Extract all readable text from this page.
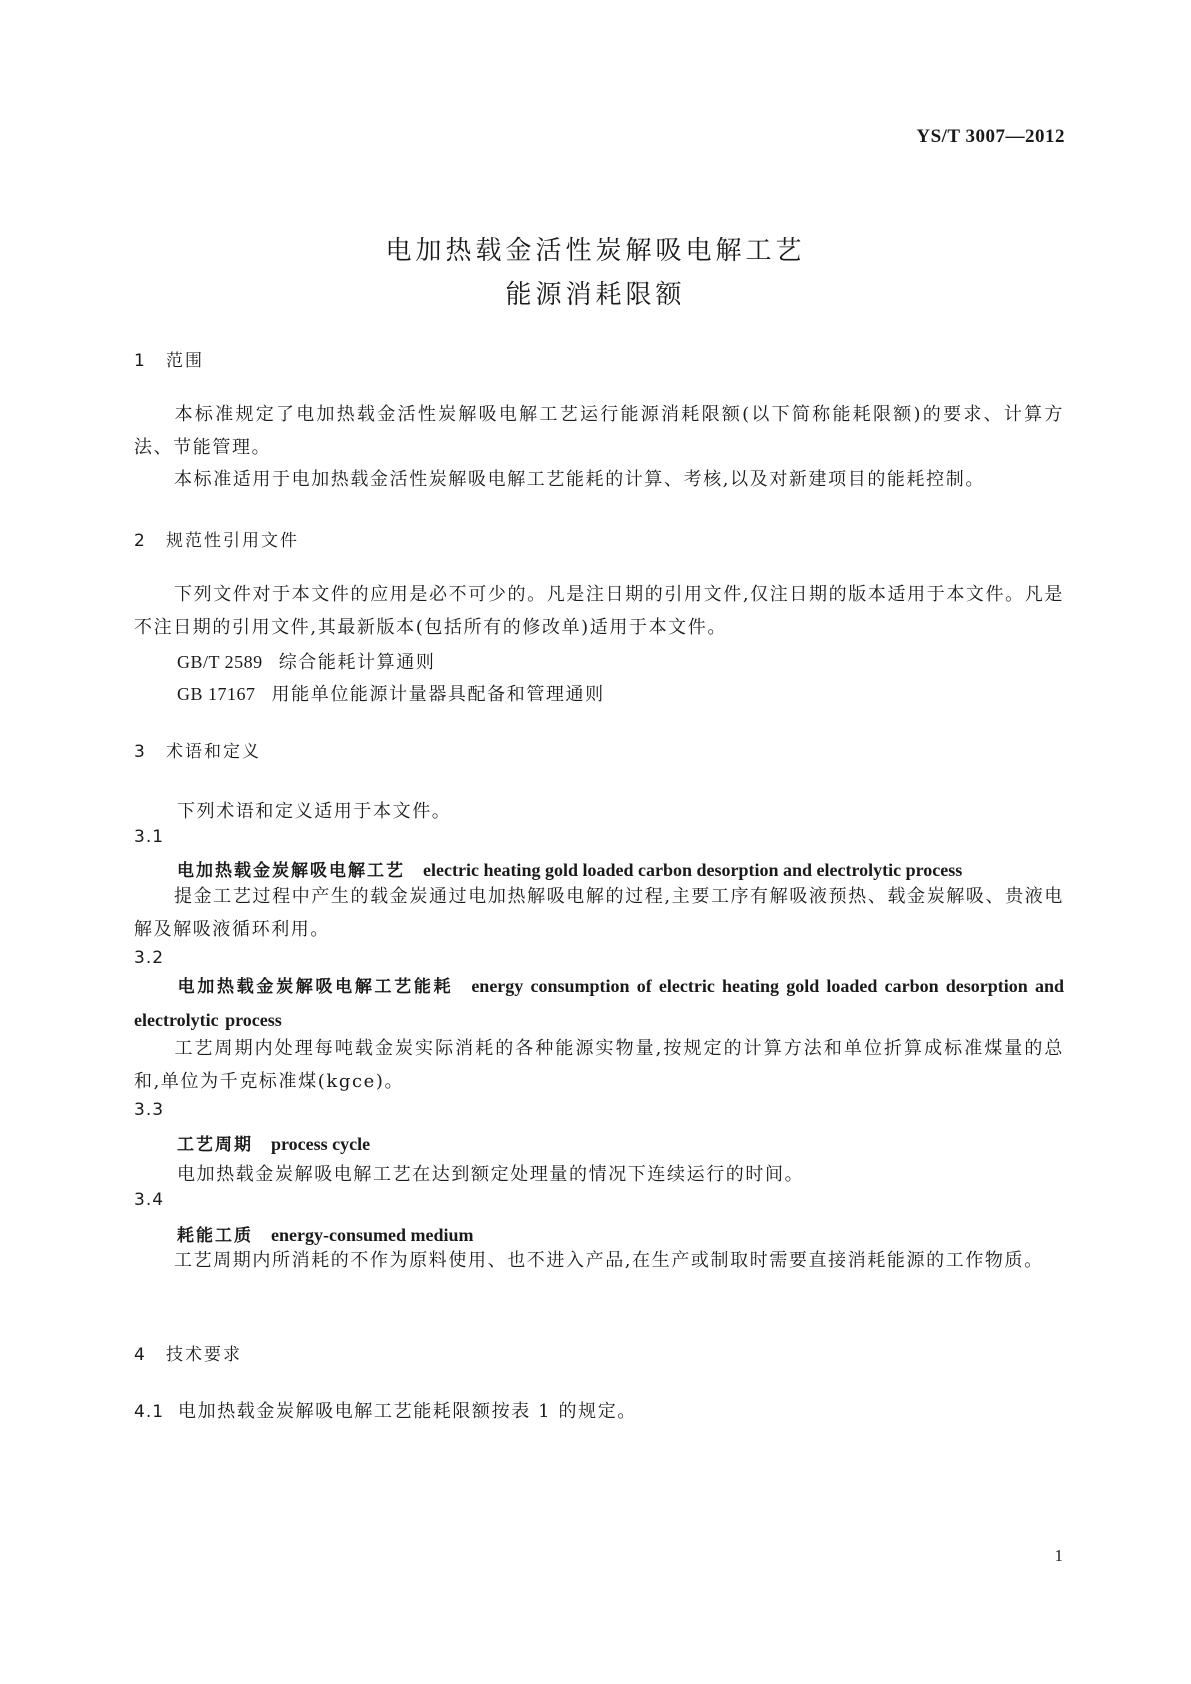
YS/T 3007—2012
电加热载金活性炭解吸电解工艺
能源消耗限额
1 范围
本标准规定了电加热载金活性炭解吸电解工艺运行能源消耗限额(以下简称能耗限额)的要求、计算方法、节能管理。
本标准适用于电加热载金活性炭解吸电解工艺能耗的计算、考核,以及对新建项目的能耗控制。
2 规范性引用文件
下列文件对于本文件的应用是必不可少的。凡是注日期的引用文件,仅注日期的版本适用于本文件。凡是不注日期的引用文件,其最新版本(包括所有的修改单)适用于本文件。
GB/T 2589 综合能耗计算通则
GB 17167 用能单位能源计量器具配备和管理通则
3 术语和定义
下列术语和定义适用于本文件。
3.1
电加热载金炭解吸电解工艺 electric heating gold loaded carbon desorption and electrolytic process
提金工艺过程中产生的载金炭通过电加热解吸电解的过程,主要工序有解吸液预热、载金炭解吸、贵液电解及解吸液循环利用。
3.2
电加热载金炭解吸电解工艺能耗 energy consumption of electric heating gold loaded carbon desorption and electrolytic process
工艺周期内处理每吨载金炭实际消耗的各种能源实物量,按规定的计算方法和单位折算成标准煤量的总和,单位为千克标准煤(kgce)。
3.3
工艺周期 process cycle
电加热载金炭解吸电解工艺在达到额定处理量的情况下连续运行的时间。
3.4
耗能工质 energy-consumed medium
工艺周期内所消耗的不作为原料使用、也不进入产品,在生产或制取时需要直接消耗能源的工作物质。
4 技术要求
4.1 电加热载金炭解吸电解工艺能耗限额按表 1 的规定。
1
